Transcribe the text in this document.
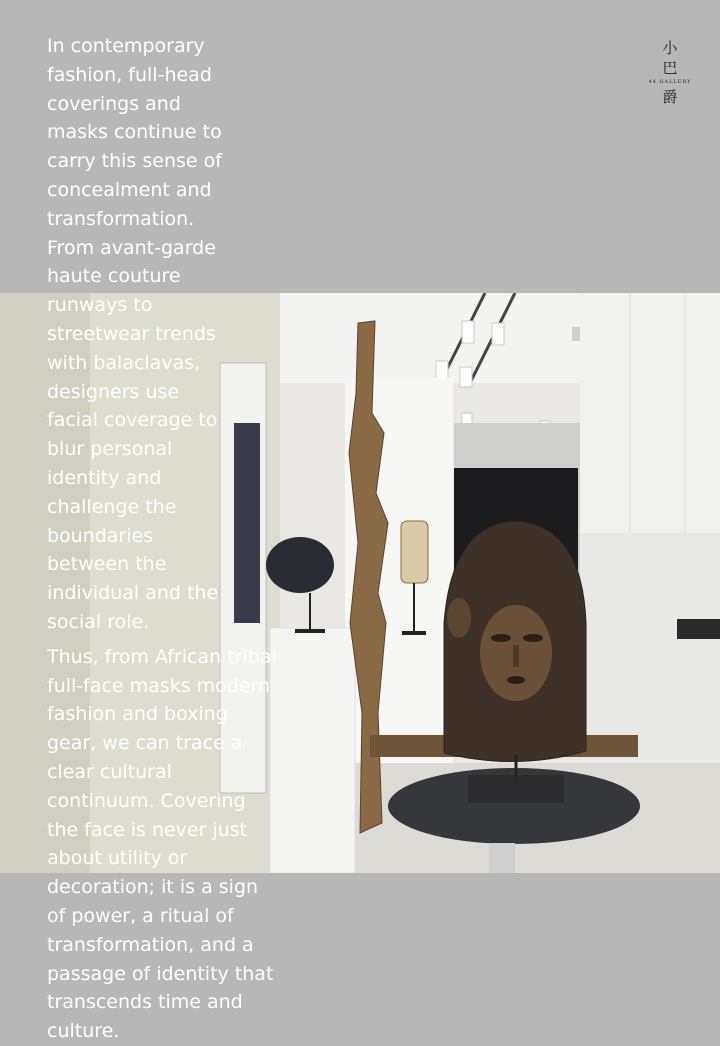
小
巴
44 GALLERY
爵

In contemporary fashion, full-head coverings and masks continue to carry this sense of concealment and transformation. From avant-garde haute couture runways to streetwear trends with balaclavas, designers use facial coverage to blur personal identity and challenge the boundaries between the individual and the social role.

Thus, from African tribal full-face masks modern fashion and boxing gear, we can trace a clear cultural continuum. Covering the face is never just about utility or decoration; it is a sign of power, a ritual of transformation, and a passage of identity that transcends time and culture.
